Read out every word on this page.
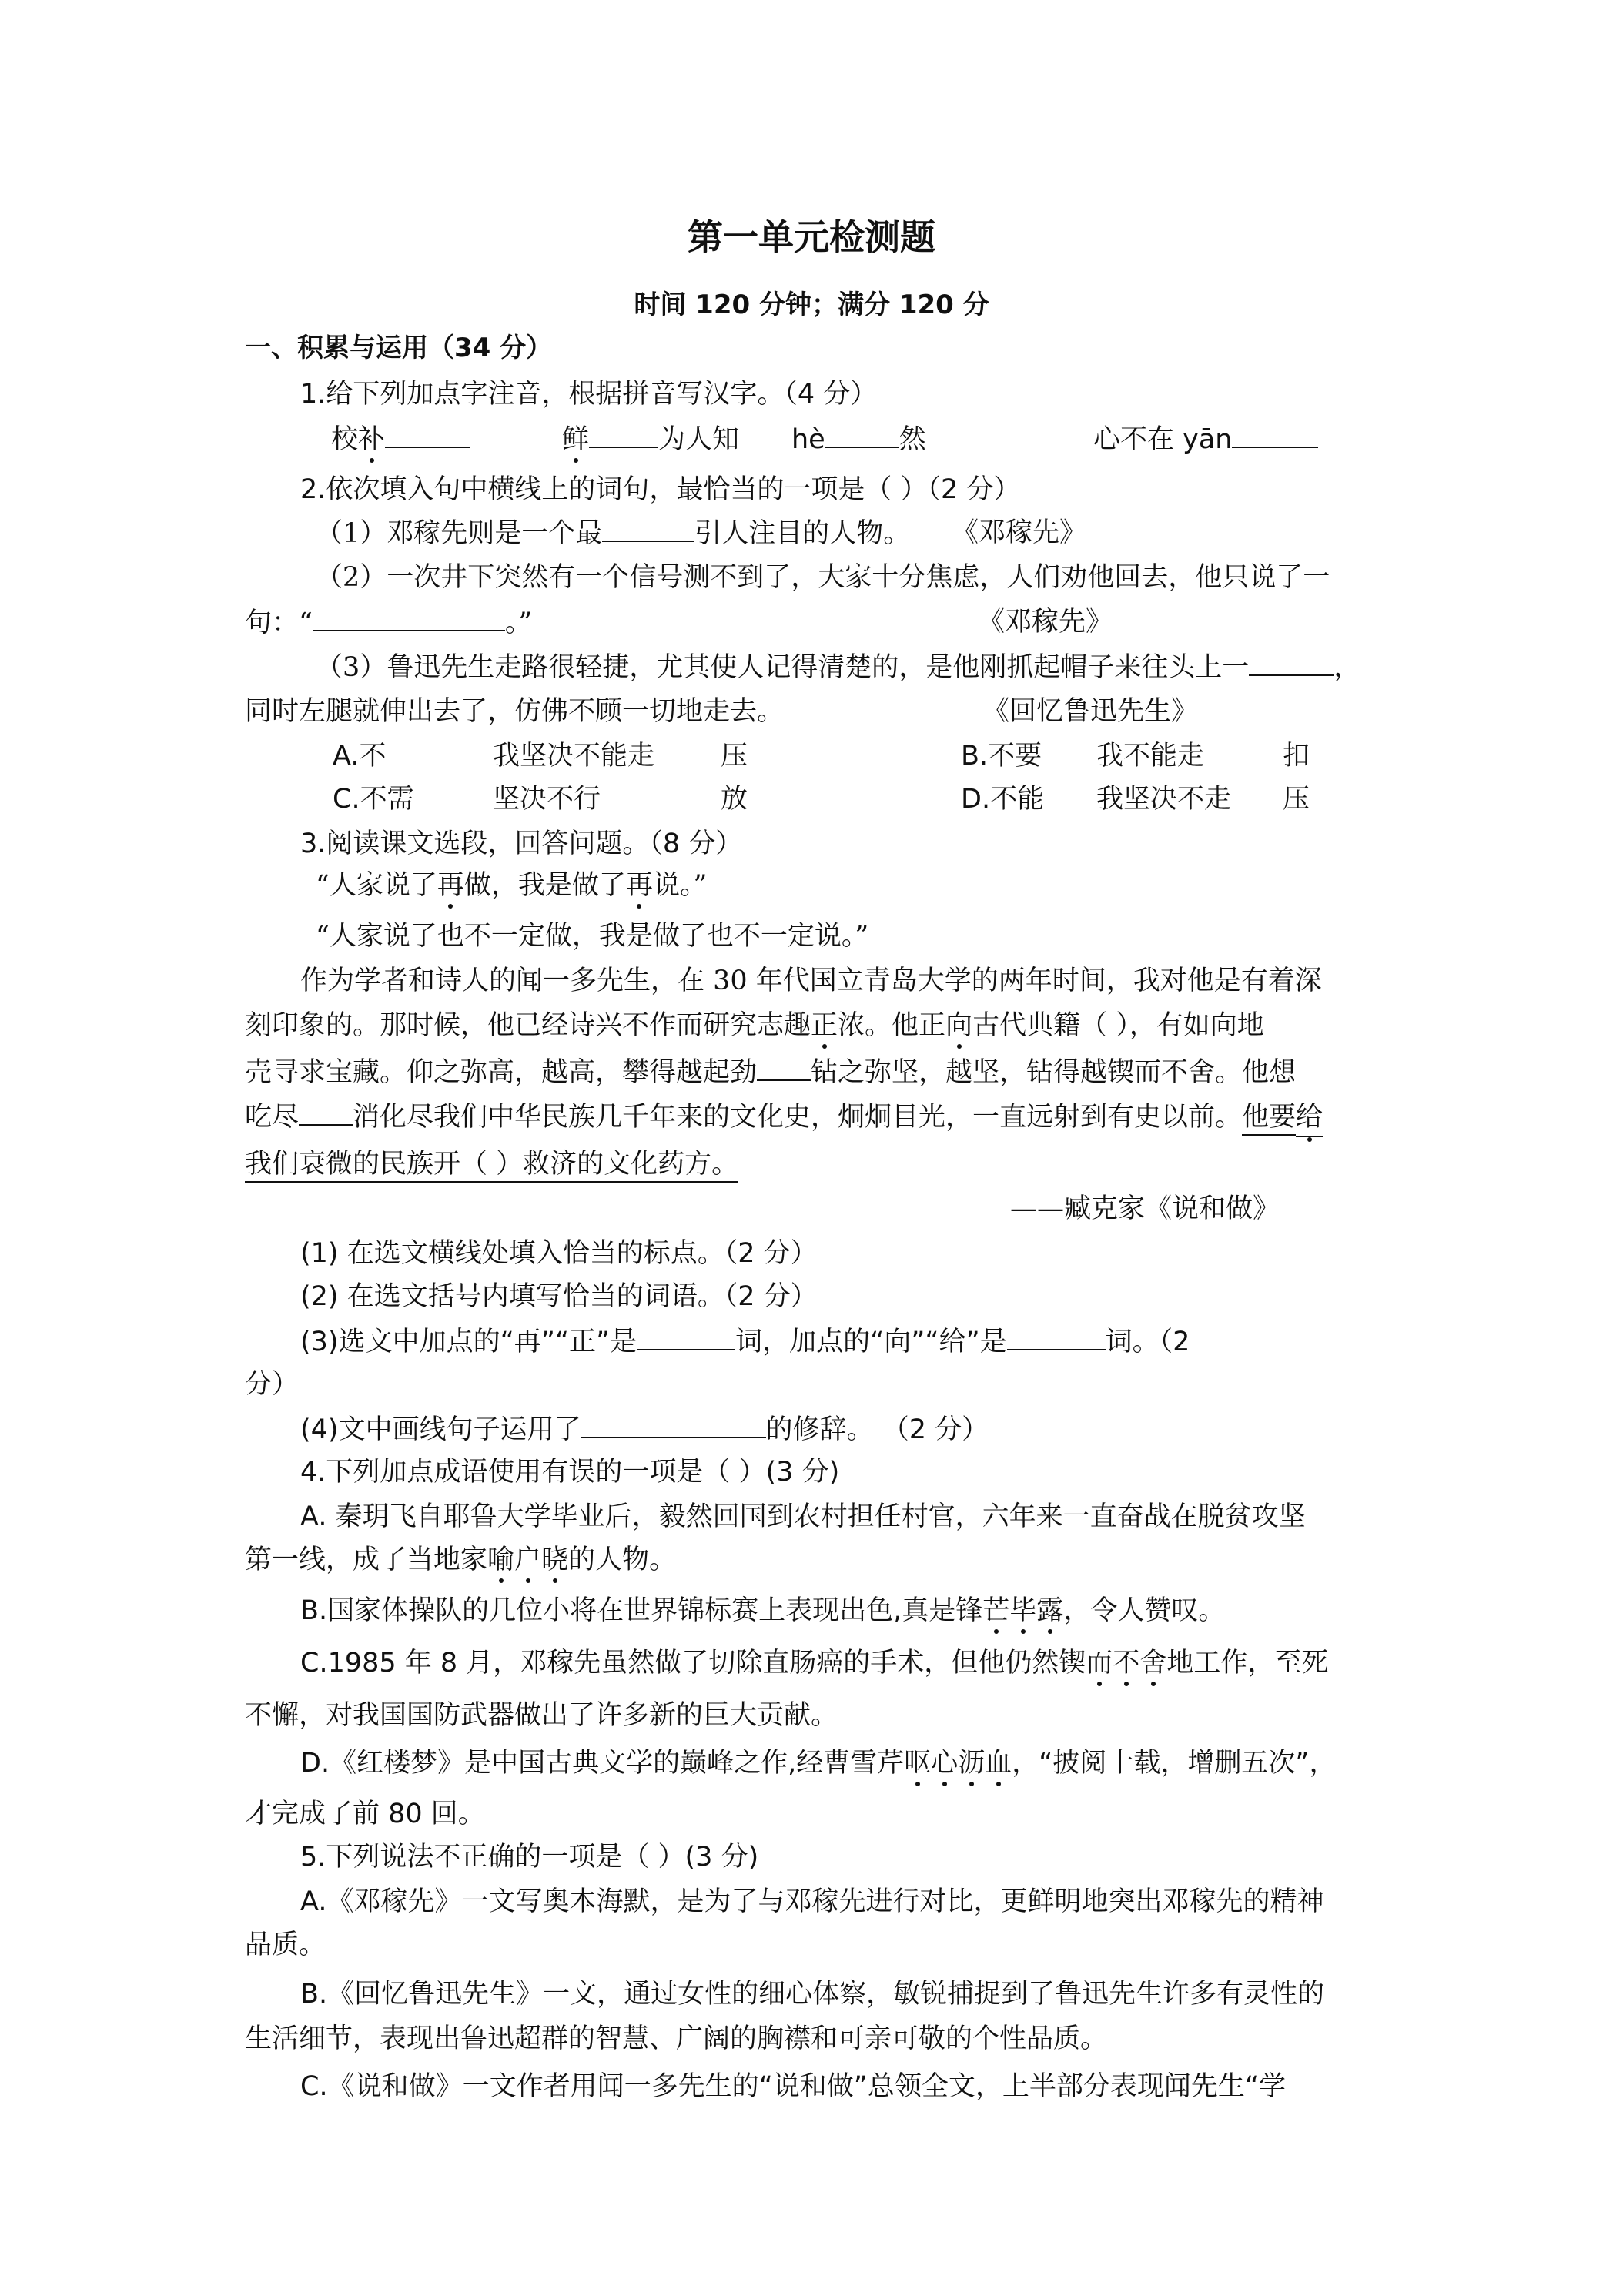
第一单元检测题
时间 120 分钟；满分 120 分
一、积累与运用（34 分）
1.给下列加点字注音，根据拼音写汉字。（4 分）
校补	鲜	为人知 hè	然	心不在 yān
2.依次填入句中横线上的词句，最恰当的一项是（ ）（2 分）
（1）邓稼先则是一个最	引人注目的人物。 《邓稼先》
（2）一次井下突然有一个信号测不到了，大家十分焦虑，人们劝他回去，他只说了一
句：“	。”	《邓稼先》
（3）鲁迅先生走路很轻捷，尤其使人记得清楚的，是他刚抓起帽子来往头上一	，
同时左腿就伸出去了，仿佛不顾一切地走去。	《回忆鲁迅先生》
A.不	我坚决不能走 压	B.不要 我不能走	扣
C.不需	坚决不行	放	D.不能 我坚决不走 压
3.阅读课文选段，回答问题。（8 分）
“人家说了再做，我是做了再说。”
“人家说了也不一定做，我是做了也不一定说。”
作为学者和诗人的闻一多先生，在 30 年代国立青岛大学的两年时间，我对他是有着深
刻印象的。那时候，他已经诗兴不作而研究志趣正浓。他正向古代典籍（ ），有如向地
壳寻求宝藏。仰之弥高，越高，攀得越起劲 钻之弥坚，越坚，钻得越锲而不舍。他想
吃尽 消化尽我们中华民族几千年来的文化史，炯炯目光，一直远射到有史以前。他要给
我们衰微的民族开（ ）救济的文化药方。
——臧克家《说和做》
(1) 在选文横线处填入恰当的标点。（2 分）
(2) 在选文括号内填写恰当的词语。（2 分）
(3)选文中加点的“再”“正”是	词，加点的“向”“给”是	词。（2
分）
(4)文中画线句子运用了	的修辞。 （2 分）
4.下列加点成语使用有误的一项是（ ）(3 分)
A. 秦玥飞自耶鲁大学毕业后，毅然回国到农村担任村官，六年来一直奋战在脱贫攻坚
第一线，成了当地家喻户晓的人物。
B.国家体操队的几位小将在世界锦标赛上表现出色,真是锋芒毕露，令人赞叹。
C.1985 年 8 月，邓稼先虽然做了切除直肠癌的手术，但他仍然锲而不舍地工作，至死
不懈，对我国国防武器做出了许多新的巨大贡献。
D.《红楼梦》是中国古典文学的巅峰之作,经曹雪芹呕心沥血，“披阅十载，增删五次”，
才完成了前 80 回。
5.下列说法不正确的一项是（ ）(3 分)
A.《邓稼先》一文写奥本海默，是为了与邓稼先进行对比，更鲜明地突出邓稼先的精神
品质。
B.《回忆鲁迅先生》一文，通过女性的细心体察，敏锐捕捉到了鲁迅先生许多有灵性的
生活细节，表现出鲁迅超群的智慧、广阔的胸襟和可亲可敬的个性品质。
C.《说和做》一文作者用闻一多先生的“说和做”总领全文，上半部分表现闻先生“学
